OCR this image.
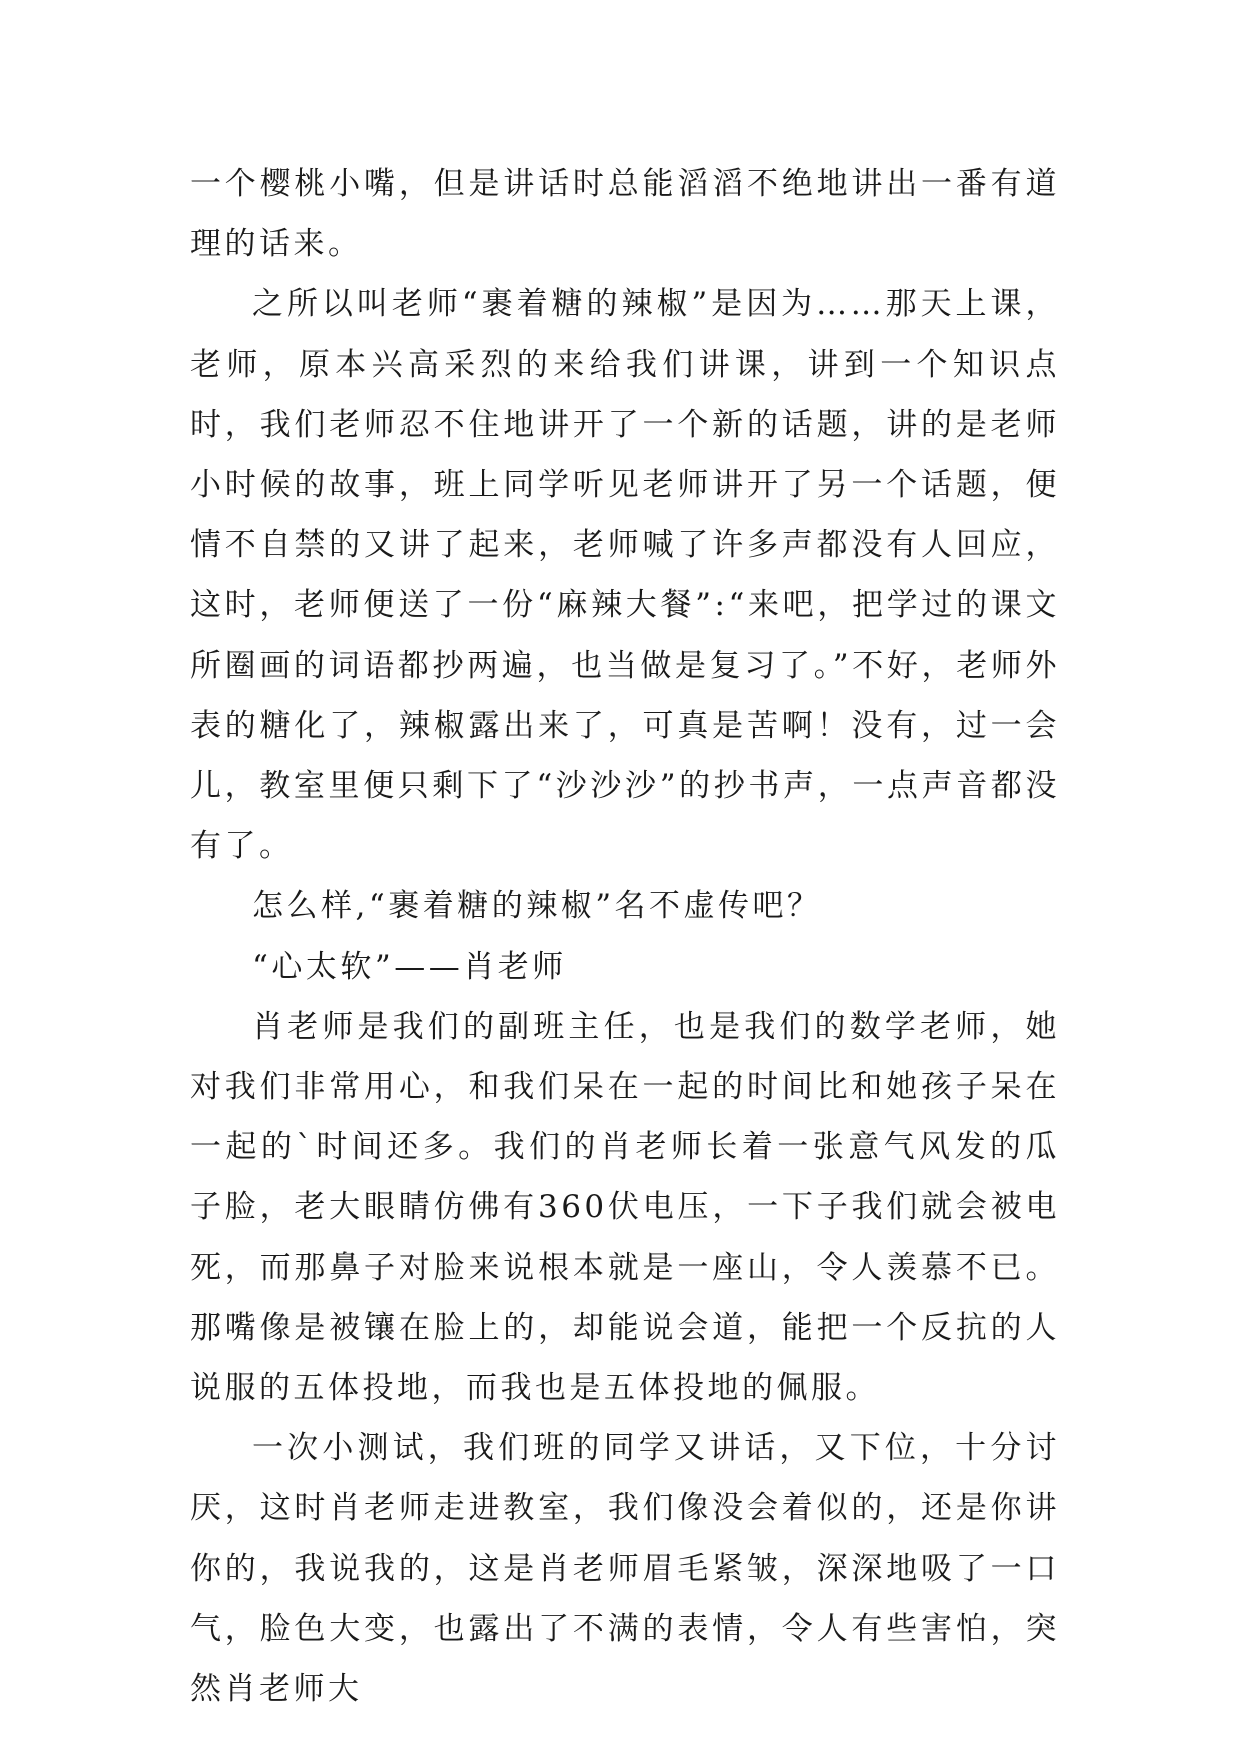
一个樱桃小嘴，但是讲话时总能滔滔不绝地讲出一番有道理的话来。

之所以叫老师“裹着糖的辣椒”是因为……那天上课，老师，原本兴高采烈的来给我们讲课，讲到一个知识点时，我们老师忍不住地讲开了一个新的话题，讲的是老师小时候的故事，班上同学听见老师讲开了另一个话题，便情不自禁的又讲了起来，老师喊了许多声都没有人回应，这时，老师便送了一份“麻辣大餐”:“来吧，把学过的课文所圈画的词语都抄两遍，也当做是复习了。”不好，老师外表的糖化了，辣椒露出来了，可真是苦啊！没有，过一会儿，教室里便只剩下了“沙沙沙”的抄书声，一点声音都没有了。

怎么样,“裹着糖的辣椒”名不虚传吧？

“心太软”——肖老师

肖老师是我们的副班主任，也是我们的数学老师，她对我们非常用心，和我们呆在一起的时间比和她孩子呆在一起的`时间还多。我们的肖老师长着一张意气风发的瓜子脸，老大眼睛仿佛有360伏电压，一下子我们就会被电死，而那鼻子对脸来说根本就是一座山，令人羡慕不已。那嘴像是被镶在脸上的，却能说会道，能把一个反抗的人说服的五体投地，而我也是五体投地的佩服。

一次小测试，我们班的同学又讲话，又下位，十分讨厌，这时肖老师走进教室，我们像没会着似的，还是你讲你的，我说我的，这是肖老师眉毛紧皱，深深地吸了一口气，脸色大变，也露出了不满的表情，令人有些害怕，突然肖老师大
